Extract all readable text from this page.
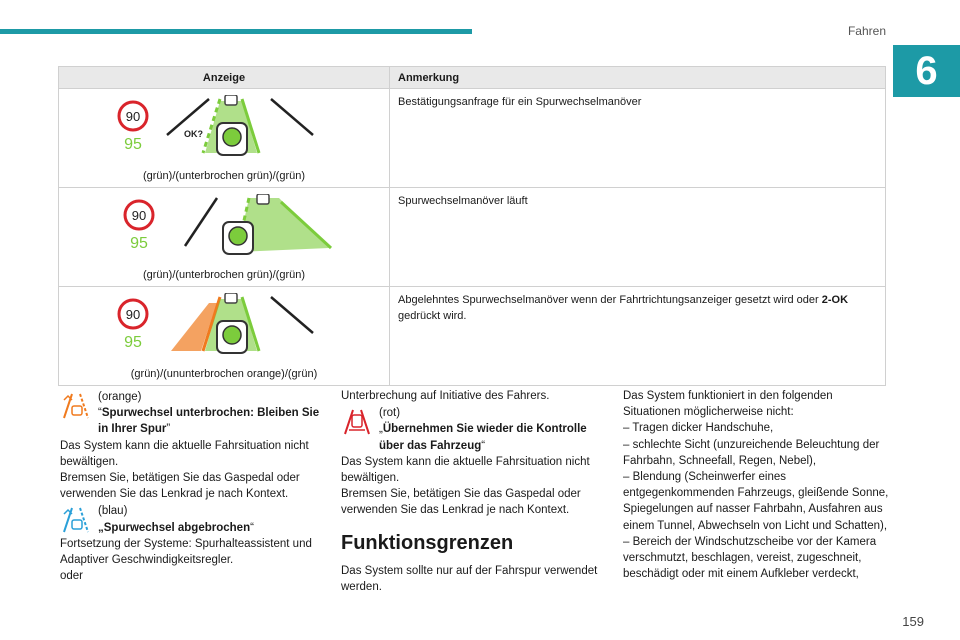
Fahren
6
Anzeige	Anmerkung

90
95
OK?
(grün)/(unterbrochen grün)/(grün)	Bestätigungsanfrage für ein Spurwechselmanöver

90
95
(grün)/(unterbrochen grün)/(grün)	Spurwechselmanöver läuft

90
95
(grün)/(ununterbrochen orange)/(grün)	Abgelehntes Spurwechselmanöver wenn der Fahrtrichtungsanzeiger gesetzt wird oder 2-OK gedrückt wird.
(orange)
“Spurwechsel unterbrochen: Bleiben Sie in Ihrer Spur”
Das System kann die aktuelle Fahrsituation nicht bewältigen.
Bremsen Sie, betätigen Sie das Gaspedal oder verwenden Sie das Lenkrad je nach Kontext.
(blau)
„Spurwechsel abgebrochen“
Fortsetzung der Systeme: Spurhalteassistent und Adaptiver Geschwindigkeitsregler.
oder
Unterbrechung auf Initiative des Fahrers.
(rot)
„Übernehmen Sie wieder die Kontrolle über das Fahrzeug“
Das System kann die aktuelle Fahrsituation nicht bewältigen.
Bremsen Sie, betätigen Sie das Gaspedal oder verwenden Sie das Lenkrad je nach Kontext.
Funktionsgrenzen
Das System sollte nur auf der Fahrspur verwendet werden.
Das System funktioniert in den folgenden Situationen möglicherweise nicht:
– Tragen dicker Handschuhe,
– schlechte Sicht (unzureichende Beleuchtung der Fahrbahn, Schneefall, Regen, Nebel),
– Blendung (Scheinwerfer eines entgegenkommenden Fahrzeugs, gleißende Sonne, Spiegelungen auf nasser Fahrbahn, Ausfahren aus einem Tunnel, Abwechseln von Licht und Schatten),
– Bereich der Windschutzscheibe vor der Kamera verschmutzt, beschlagen, vereist, zugeschneit, beschädigt oder mit einem Aufkleber verdeckt,
159
